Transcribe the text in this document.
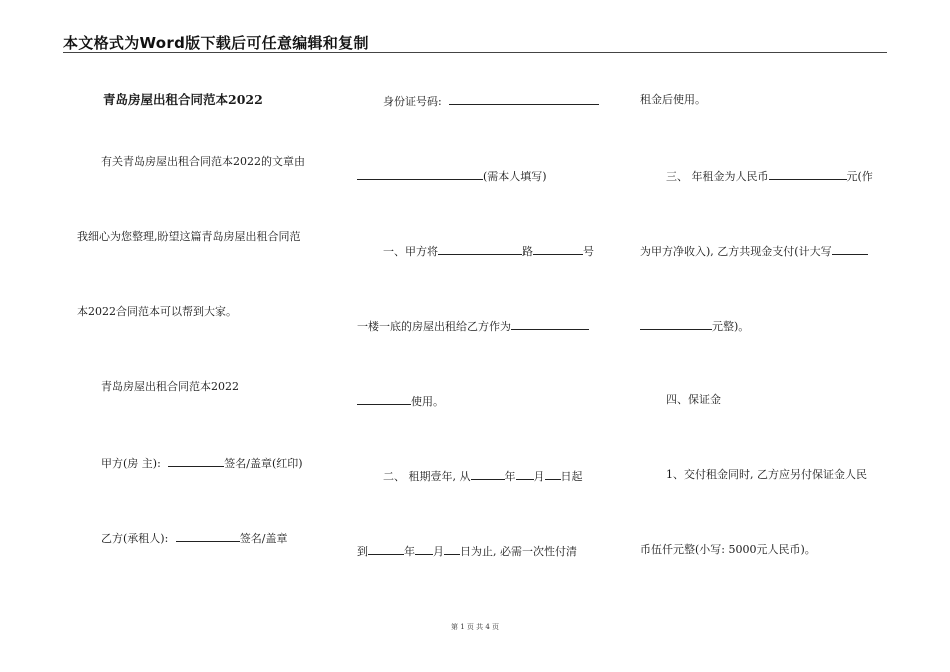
本文格式为Word版下载后可任意编辑和复制
青岛房屋出租合同范本2022
有关青岛房屋出租合同范本2022的文章由
我细心为您整理,盼望这篇青岛房屋出租合同范
本2022合同范本可以帮到大家。
青岛房屋出租合同范本2022
甲方(房 主):	签名/盖章(红印)
乙方(承租人):	签名/盖章
身份证号码:
(需本人填写)
一、甲方将	路	号
一楼一底的房屋出租给乙方作为
使用。
二、 租期壹年, 从	年 月 日起
到	年 月 日为止, 必需一次性付清
租金后使用。
三、 年租金为人民币	元(作
为甲方净收入), 乙方共现金支付(计大写
元整)。
四、保证金
1、交付租金同时, 乙方应另付保证金人民
币伍仟元整(小写: 5000元人民币)。
第 1 页 共 4 页
